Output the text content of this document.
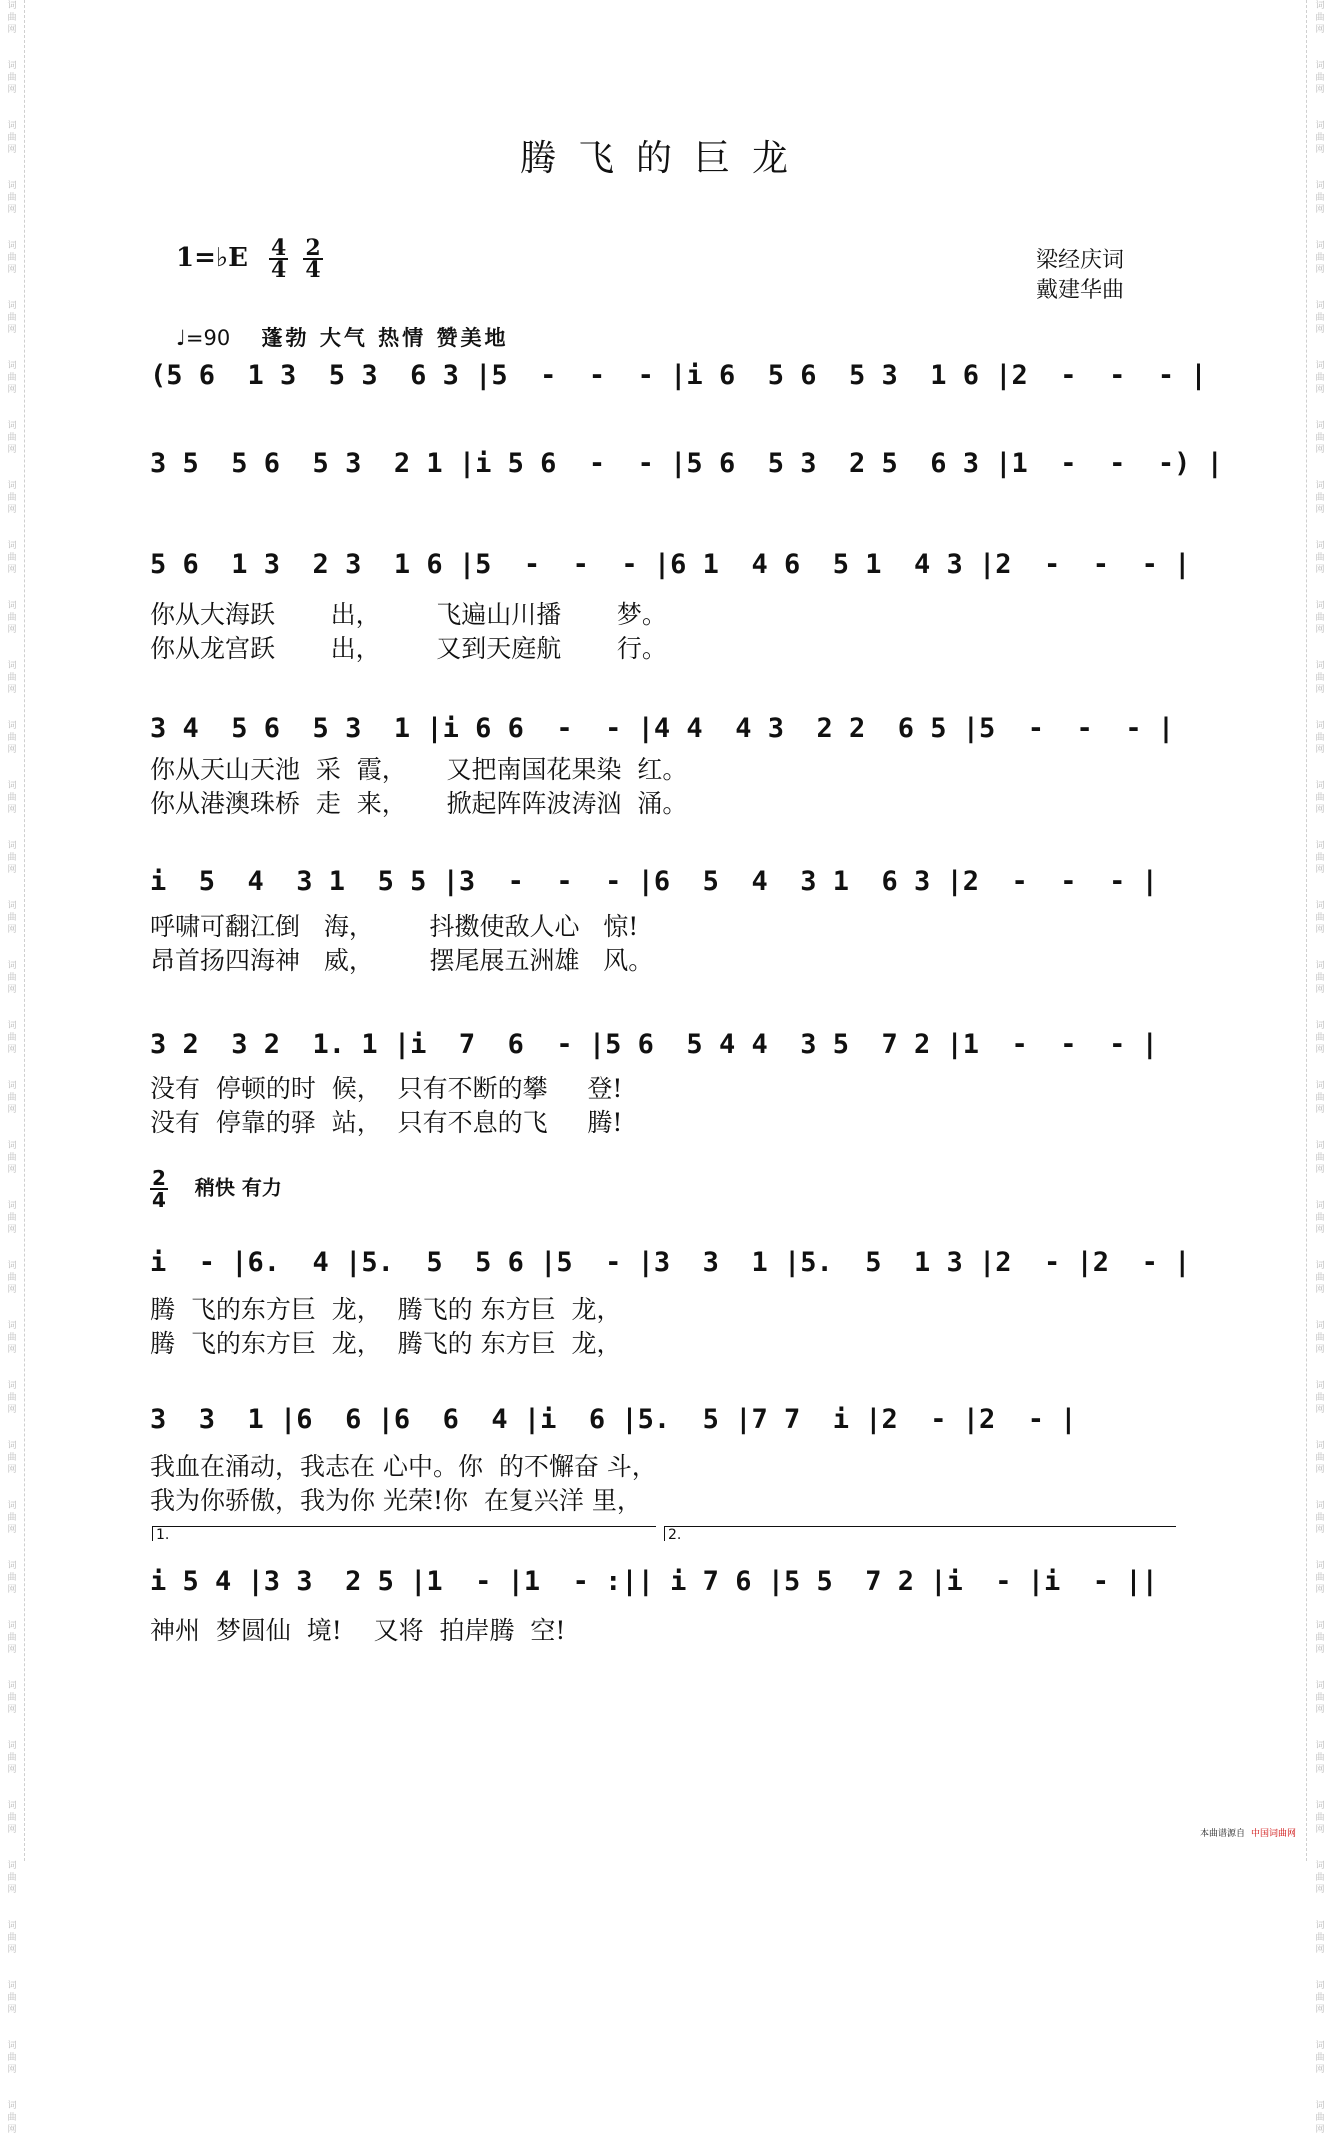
词
曲
网
词
曲
网
词
曲
网
词
曲
网
词
曲
网
词
曲
网
词
曲
网
词
曲
网
词
曲
网
词
曲
网
词
曲
网
词
曲
网
词
曲
网
词
曲
网
词
曲
网
词
曲
网
词
曲
网
词
曲
网
词
曲
网
词
曲
网
词
曲
网
词
曲
网
词
曲
网
词
曲
网
词
曲
网
词
曲
网
词
曲
网
词
曲
网
词
曲
网
词
曲
网
词
曲
网
词
曲
网
词
曲
网
词
曲
网
词
曲
网
词
曲
网
词
曲
网
词
曲
网
词
曲
网
词
曲
网
词
曲
网
词
曲
网
词
曲
网
词
曲
网
词
曲
网
词
曲
网
词
曲
网
词
曲
网
词
曲
网
词
曲
网
词
曲
网
词
曲
网
词
曲
网
词
曲
网
词
曲
网
词
曲
网
词
曲
网
词
曲
网
词
曲
网
词
曲
网
词
曲
网
词
曲
网
词
曲
网
词
曲
网
词
曲
网
词
曲
网
词
曲
网
词
曲
网
词
曲
网
词
曲
网
词
曲
网
词
曲
网
腾飞的巨龙
1=♭E $\frac{4}{4} \frac{2}{4}$	梁经庆词
戴建华曲
♩=90 蓬勃 大气 热情 赞美地
(5 6  1 3  5 3  6 3 |5  -  -  - |i 6  5 6  5 3  1 6 |2  -  -  - |
3 5  5 6  5 3  2 1 |i 5 6  -  - |5 6  5 3  2 5  6 3 |1  -  -  -) |
5 6  1 3  2 3  1 6 |5  -  -  - |6 1  4 6  5 1  4 3 |2  -  -  - |
你从大海跃       出，       飞遍山川播       梦。
你从龙宫跃       出，       又到天庭航       行。
3 4  5 6  5 3  1 |i 6 6  -  - |4 4  4 3  2 2  6 5 |5  -  -  - |
你从天山天池  采  霞，     又把南国花果染  红。
你从港澳珠桥  走  来，     掀起阵阵波涛汹  涌。
i  5  4  3 1  5 5 |3  -  -  - |6  5  4  3 1  6 3 |2  -  -  - |
呼啸可翻江倒   海，       抖擞使敌人心   惊!
昂首扬四海神   威，       摆尾展五洲雄   风。
3 2  3 2  1. 1 |i  7  6  - |5 6  5 4 4  3 5  7 2 |1  -  -  - |
没有  停顿的时  候，  只有不断的攀     登!
没有  停靠的驿  站，  只有不息的飞     腾!
$\frac{2}{4}$ 稍快 有力
i  - |6.  4 |5.  5  5 6 |5  - |3  3  1 |5.  5  1 3 |2  - |2  - |
腾  飞的东方巨  龙，  腾飞的 东方巨  龙，
腾  飞的东方巨  龙，  腾飞的 东方巨  龙，
3  3  1 |6  6 |6  6  4 |i  6 |5.  5 |7 7  i |2  - |2  - |
我血在涌动，我志在 心中。你  的不懈奋 斗，
我为你骄傲，我为你 光荣!你  在复兴洋 里，
1.	2.
i 5 4 |3 3  2 5 |1  - |1  - :|| i 7 6 |5 5  7 2 |i  - |i  - ||
神州  梦圆仙  境!    又将  拍岸腾  空!
本曲谱源自 中国词曲网
